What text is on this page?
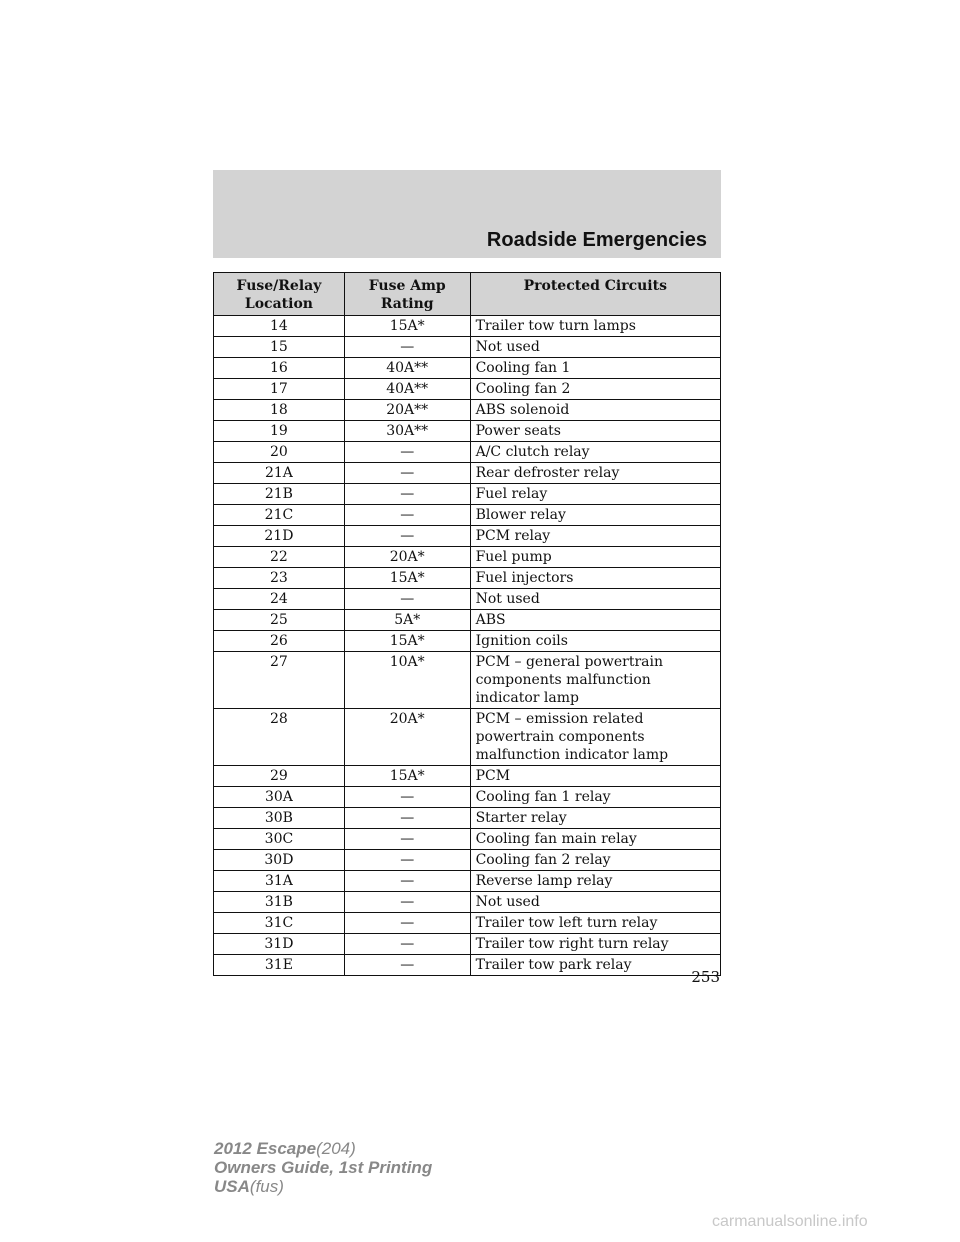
Roadside Emergencies
Fuse/Relay Location	Fuse Amp Rating	Protected Circuits
14	15A*	Trailer tow turn lamps
15	—	Not used
16	40A**	Cooling fan 1
17	40A**	Cooling fan 2
18	20A**	ABS solenoid
19	30A**	Power seats
20	—	A/C clutch relay
21A	—	Rear defroster relay
21B	—	Fuel relay
21C	—	Blower relay
21D	—	PCM relay
22	20A*	Fuel pump
23	15A*	Fuel injectors
24	—	Not used
25	5A*	ABS
26	15A*	Ignition coils
27	10A*	PCM – general powertrain components malfunction indicator lamp
28	20A*	PCM – emission related powertrain components malfunction indicator lamp
29	15A*	PCM
30A	—	Cooling fan 1 relay
30B	—	Starter relay
30C	—	Cooling fan main relay
30D	—	Cooling fan 2 relay
31A	—	Reverse lamp relay
31B	—	Not used
31C	—	Trailer tow left turn relay
31D	—	Trailer tow right turn relay
31E	—	Trailer tow park relay
253
2012 Escape(204)
Owners Guide, 1st Printing
USA(fus)
carmanualsonline.info
